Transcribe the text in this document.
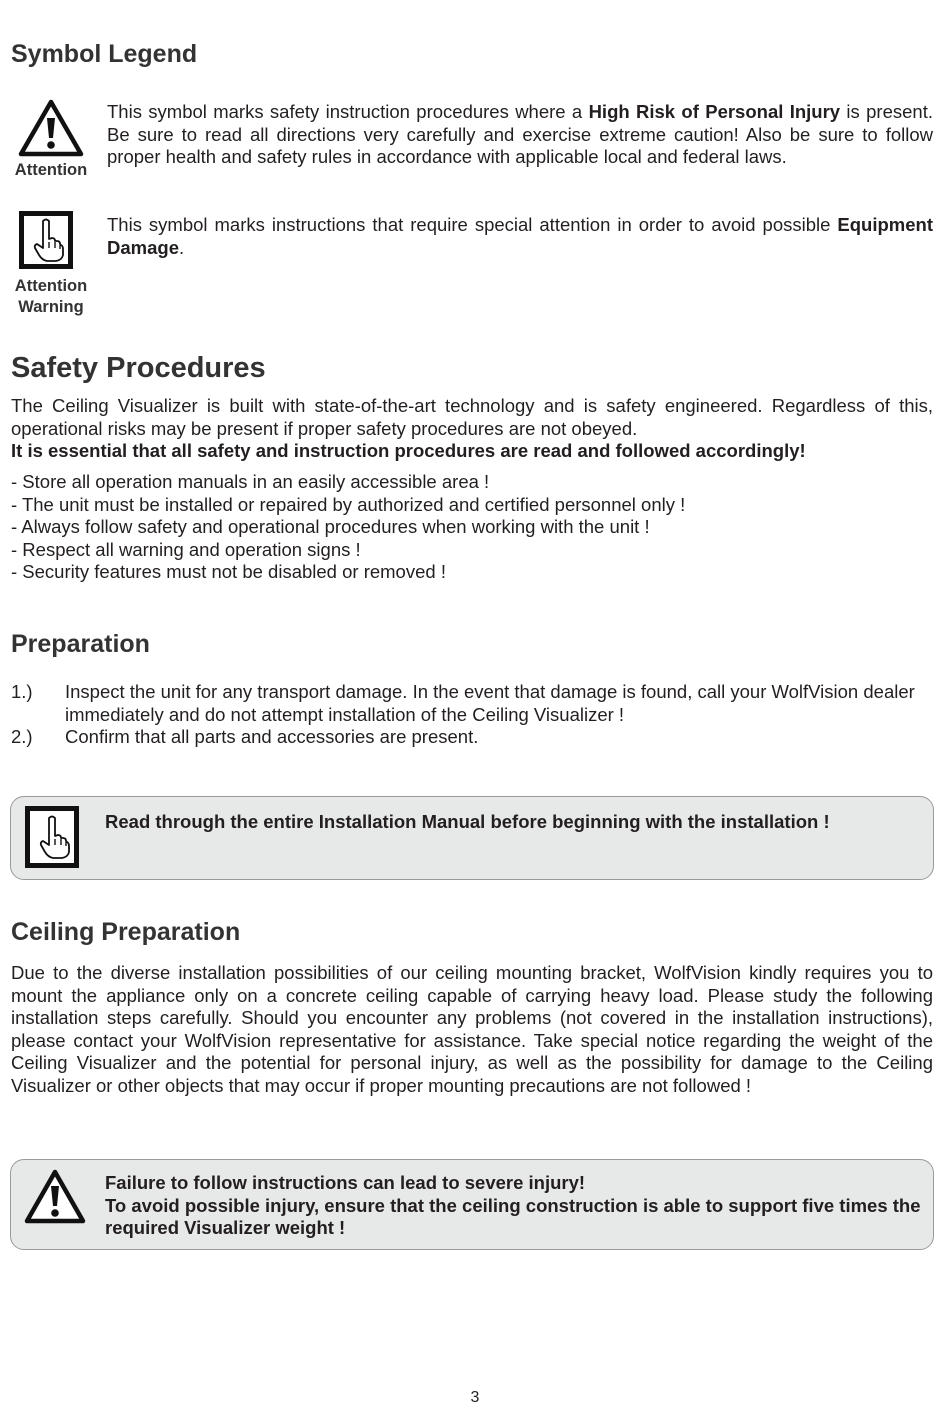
Symbol Legend
Attention
This symbol marks safety instruction procedures where a High Risk of Personal Injury is present. Be sure to read all directions very carefully and exercise extreme caution! Also be sure to follow proper health and safety rules in accordance with applicable local and federal laws.
Attention
Warning
This symbol marks instructions that require special attention in order to avoid possible Equipment Damage.
Safety Procedures
The Ceiling Visualizer is built with state-of-the-art technology and is safety engineered. Regardless of this, operational risks may be present if proper safety procedures are not obeyed.
It is essential that all safety and instruction procedures are read and followed accordingly!
- Store all operation manuals in an easily accessible area !
- The unit must be installed or repaired by authorized and certified personnel only !
- Always follow safety and operational procedures when working with the unit !
- Respect all warning and operation signs !
- Security features must not be disabled or removed !
Preparation
1.) Inspect the unit for any transport damage. In the event that damage is found, call your WolfVision dealer immediately and do not attempt installation of the Ceiling Visualizer !
2.) Confirm that all parts and accessories are present.
Read through the entire Installation Manual before beginning with the installation !
Ceiling Preparation
Due to the diverse installation possibilities of our ceiling mounting bracket, WolfVision kindly requires you to mount the appliance only on a concrete ceiling capable of carrying heavy load. Please study the following installation steps carefully. Should you encounter any problems (not covered in the installation instructions), please contact your WolfVision representative for assistance. Take special notice regarding the weight of the Ceiling Visualizer and the potential for personal injury, as well as the possibility for damage to the Ceiling Visualizer or other objects that may occur if proper mounting precautions are not followed !
Failure to follow instructions can lead to severe injury!
To avoid possible injury, ensure that the ceiling construction is able to support five times the required Visualizer weight !
3
